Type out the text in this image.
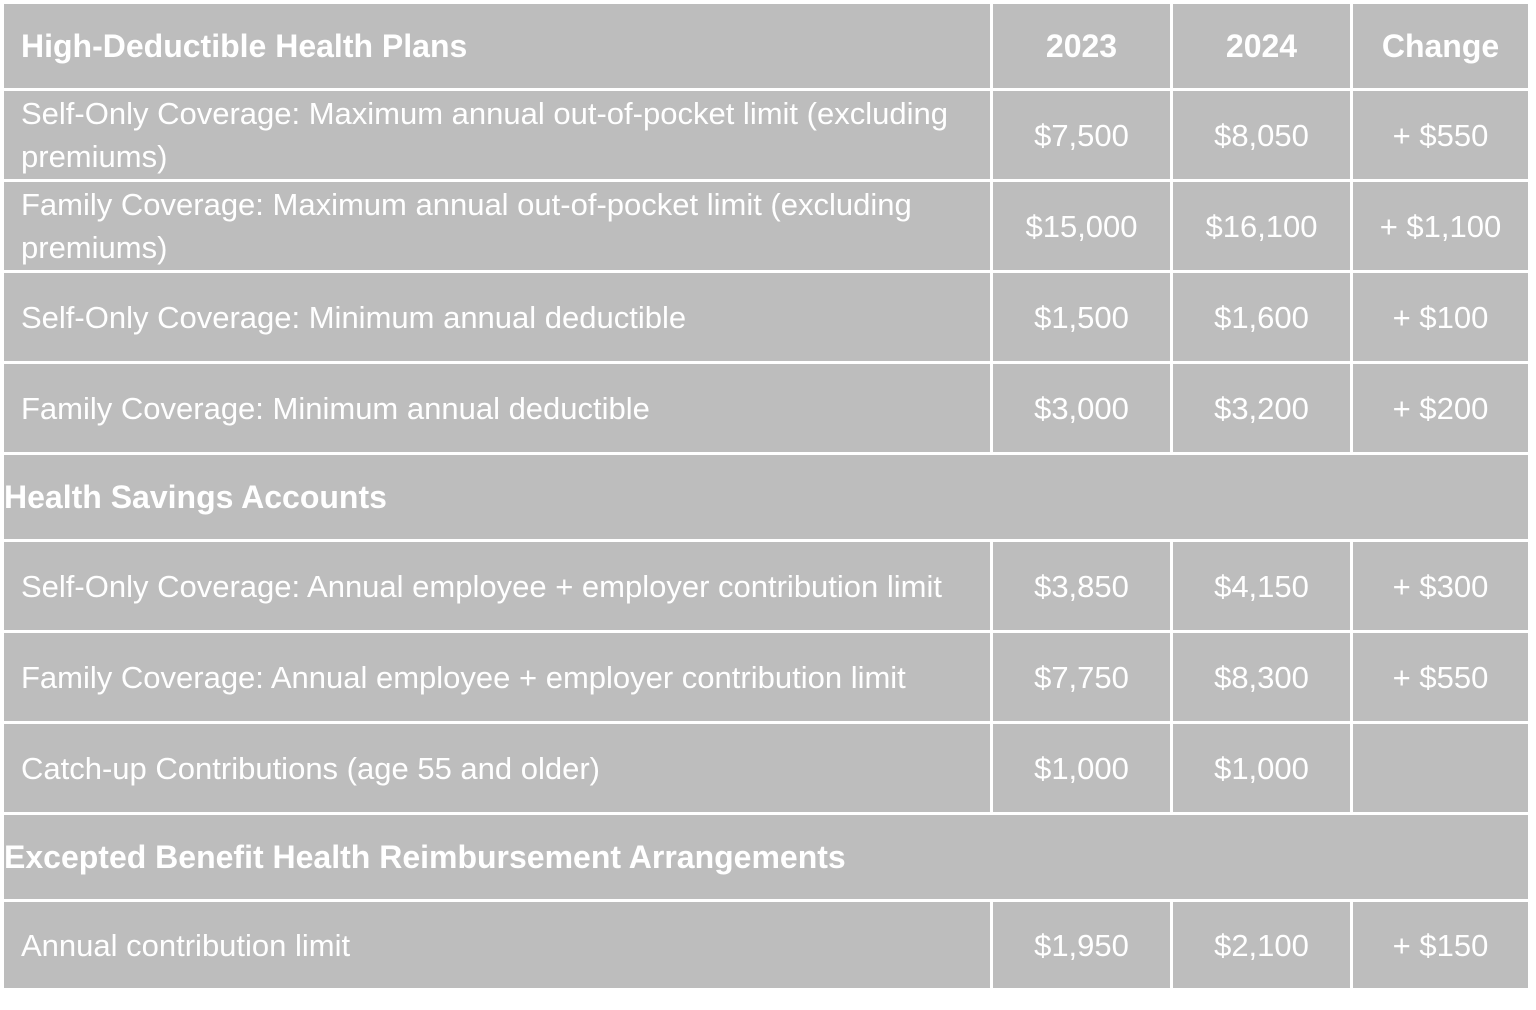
High-Deductible Health Plans	2023	2024	Change
Self-Only Coverage: Maximum annual out-of-pocket limit (excluding premiums)	$7,500	$8,050	+ $550
Family Coverage: Maximum annual out-of-pocket limit (excluding premiums)	$15,000	$16,100	+ $1,100
Self-Only Coverage: Minimum annual deductible	$1,500	$1,600	+ $100
Family Coverage: Minimum annual deductible	$3,000	$3,200	+ $200
Health Savings Accounts			
Self-Only Coverage: Annual employee + employer contribution limit	$3,850	$4,150	+ $300
Family Coverage: Annual employee + employer contribution limit	$7,750	$8,300	+ $550
Catch-up Contributions (age 55 and older)	$1,000	$1,000	
Excepted Benefit Health Reimbursement Arrangements			
Annual contribution limit	$1,950	$2,100	+ $150
